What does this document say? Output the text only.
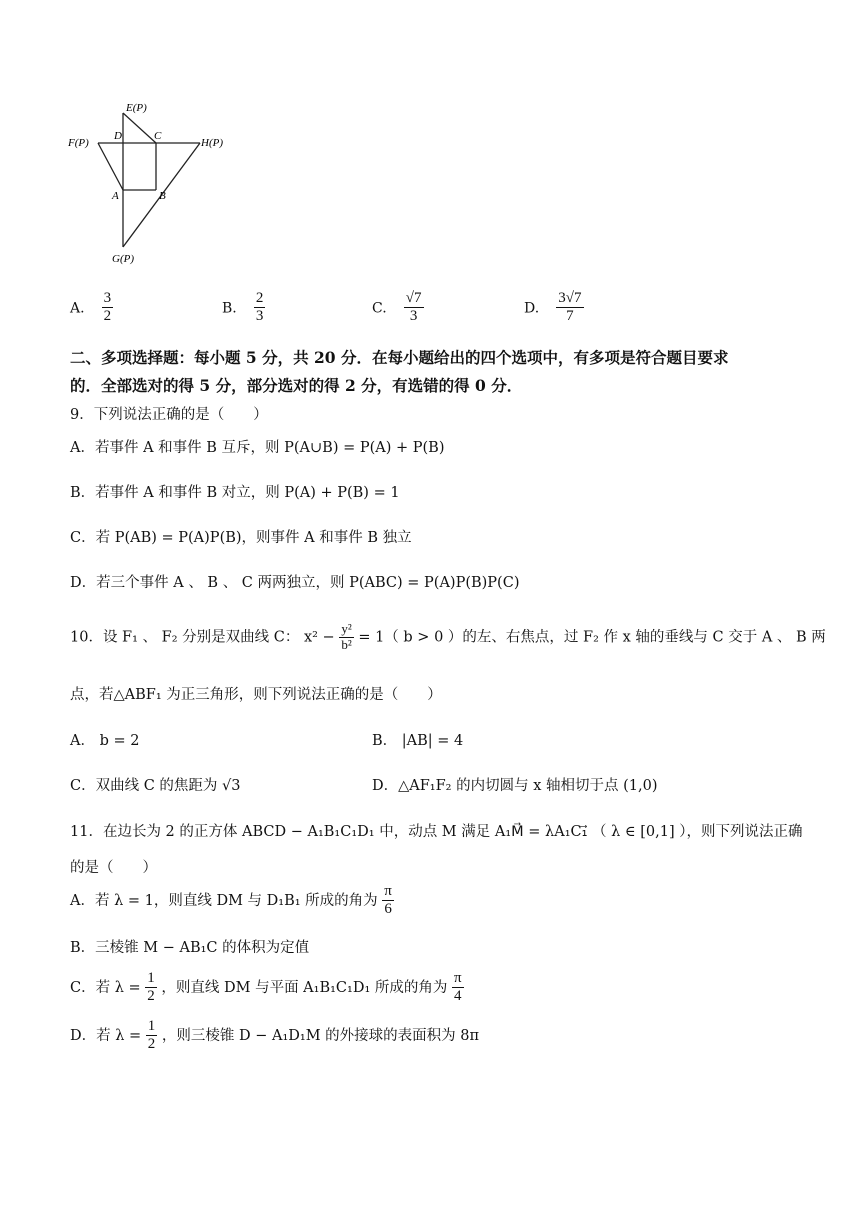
E(P)
F(P)
D	C
H(P)
A	B
G(P)
A. $\frac{3}{2}$	B. $\frac{2}{3}$	C. $\frac{√7}{3}$	D. $\frac{3√7}{7}$
二、多项选择题：每小题 5 分，共 20 分．在每小题给出的四个选项中，有多项是符合题目要求
的．全部选对的得 5 分，部分选对的得 2 分，有选错的得 0 分．
9．下列说法正确的是（　　）
A．若事件 A 和事件 B 互斥，则 P(A∪B) = P(A) + P(B)
B．若事件 A 和事件 B 对立，则 P(A) + P(B) = 1
C．若 P(AB) = P(A)P(B)，则事件 A 和事件 B 独立
D．若三个事件 A 、 B 、 C 两两独立，则 P(ABC) = P(A)P(B)P(C)
10．设 F₁ 、 F₂ 分别是双曲线 C： $x^2 - \frac{\text{y²}}{\text{b²}} = 1$（ b > 0 ）的左、右焦点，过 F₂ 作 x 轴的垂线与 C 交于 A 、 B 两
点，若△ABF₁ 为正三角形，则下列说法正确的是（　　）
A． b = 2	B． |AB| = 4
C．双曲线 C 的焦距为 √3	D．△AF₁F₂ 的内切圆与 x 轴相切于点 (1,0)
11．在边长为 2 的正方体 ABCD − A₁B₁C₁D₁ 中，动点 M 满足 A₁M⃗ = λA₁C₁⃗ （ λ ∈ [0,1] ），则下列说法正确
的是（　　）
A．若 λ = 1，则直线 DM 与 D₁B₁ 所成的角为 $\frac{\pi}{6}$
B．三棱锥 M − AB₁C 的体积为定值
C．若 $\lambda = \frac{1}{2}$ ，则直线 DM 与平面 A₁B₁C₁D₁ 所成的角为 $\frac{\pi}{4}$
D．若 $\lambda = \frac{1}{2}$ ，则三棱锥 D − A₁D₁M 的外接球的表面积为 8π
